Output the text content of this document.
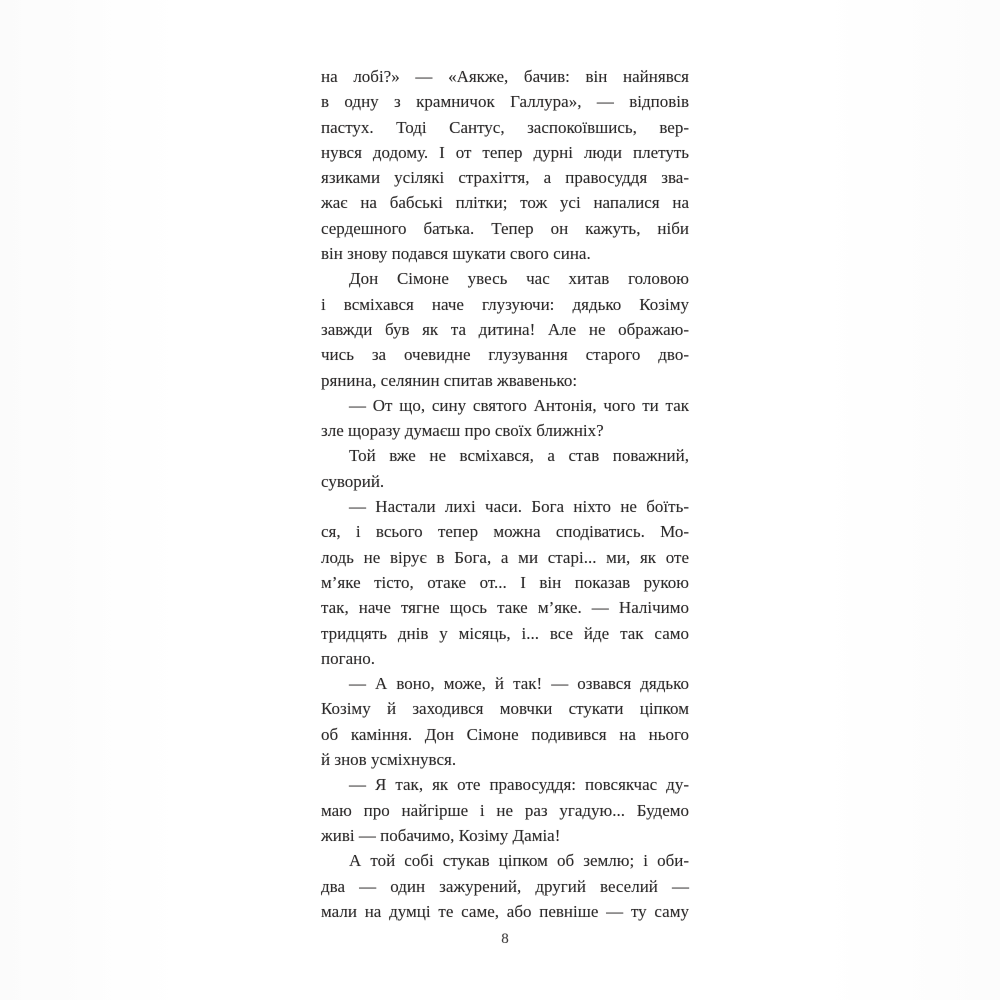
на лобі?» — «Аякже, бачив: він найнявся
в одну з крамничок Галлура», — відповів
пастух. Тоді Сантус, заспокоївшись, вер-
нувся додому. І от тепер дурні люди плетуть
язиками усілякі страхіття, а правосуддя зва-
жає на бабські плітки; тож усі напалися на
сердешного батька. Тепер он кажуть, ніби
він знову подався шукати свого сина.
Дон Сімоне увесь час хитав головою
і всміхався наче глузуючи: дядько Козіму
завжди був як та дитина! Але не ображаю-
чись за очевидне глузування старого дво-
рянина, селянин спитав жвавенько:
— От що, сину святого Антонія, чого ти так
зле щоразу думаєш про своїх ближніх?
Той вже не всміхався, а став поважний,
суворий.
— Настали лихі часи. Бога ніхто не боїть-
ся, і всього тепер можна сподіватись. Мо-
лодь не вірує в Бога, а ми старі... ми, як оте
м’яке тісто, отаке от... І він показав рукою
так, наче тягне щось таке м’яке. — Налічимо
тридцять днів у місяць, і... все йде так само
погано.
— А воно, може, й так! — озвався дядько
Козіму й заходився мовчки стукати ціпком
об каміння. Дон Сімоне подивився на нього
й знов усміхнувся.
— Я так, як оте правосуддя: повсякчас ду-
маю про найгірше і не раз угадую... Будемо
живі — побачимо, Козіму Даміа!
А той собі стукав ціпком об землю; і оби-
два — один зажурений, другий веселий —
мали на думці те саме, або певніше — ту саму
8
